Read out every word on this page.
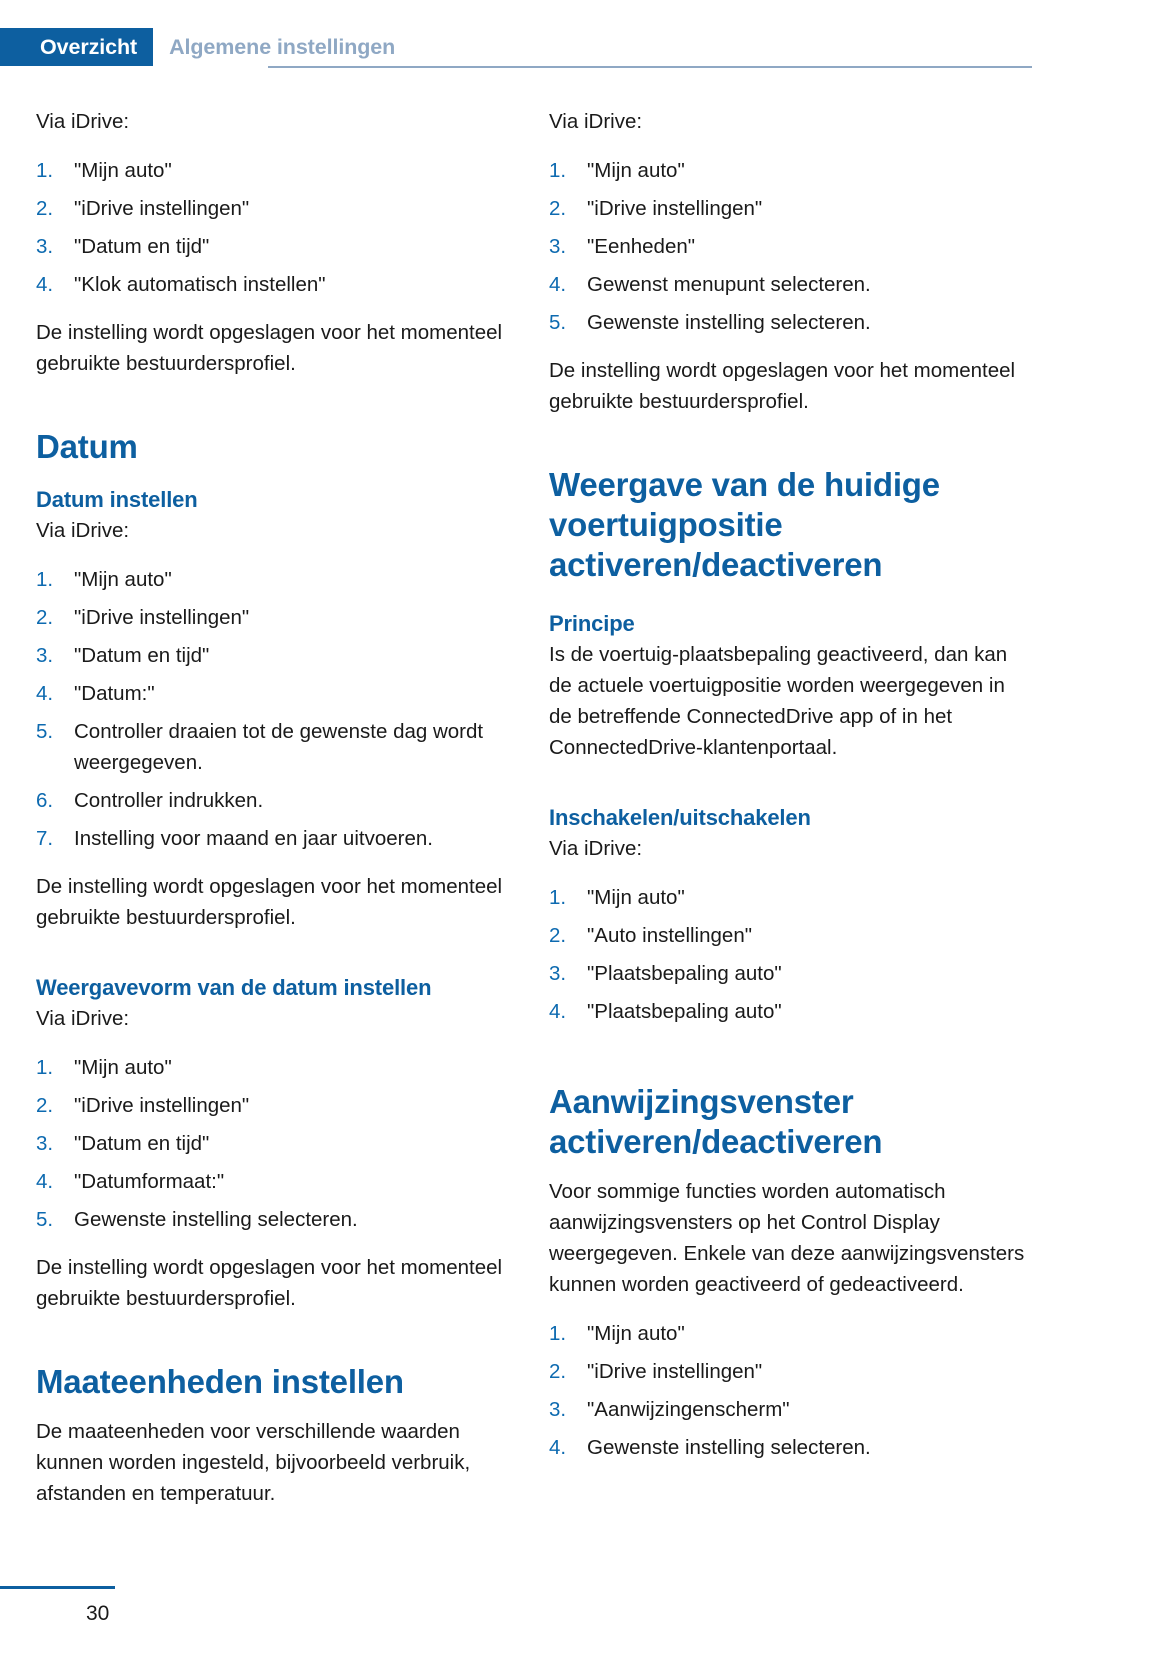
Overzicht	Algemene instellingen

Via iDrive:

1.	"Mijn auto"
2.	"iDrive instellingen"
3.	"Datum en tijd"
4.	"Klok automatisch instellen"

De instelling wordt opgeslagen voor het momenteel gebruikte bestuurdersprofiel.

Datum
Datum instellen

Via iDrive:

1.	"Mijn auto"
2.	"iDrive instellingen"
3.	"Datum en tijd"
4.	"Datum:"
5.	Controller draaien tot de gewenste dag wordt weergegeven.
6.	Controller indrukken.
7.	Instelling voor maand en jaar uitvoeren.

De instelling wordt opgeslagen voor het momenteel gebruikte bestuurdersprofiel.

Weergavevorm van de datum instellen

Via iDrive:

1.	"Mijn auto"
2.	"iDrive instellingen"
3.	"Datum en tijd"
4.	"Datumformaat:"
5.	Gewenste instelling selecteren.

De instelling wordt opgeslagen voor het momenteel gebruikte bestuurdersprofiel.

Maateenheden instellen

De maateenheden voor verschillende waarden kunnen worden ingesteld, bijvoorbeeld verbruik, afstanden en temperatuur.

Via iDrive:

1.	"Mijn auto"
2.	"iDrive instellingen"
3.	"Eenheden"
4.	Gewenst menupunt selecteren.
5.	Gewenste instelling selecteren.

De instelling wordt opgeslagen voor het momenteel gebruikte bestuurdersprofiel.

Weergave van de huidige voertuigpositie activeren/deactiveren
Principe

Is de voertuig-plaatsbepaling geactiveerd, dan kan de actuele voertuigpositie worden weergegeven in de betreffende ConnectedDrive app of in het ConnectedDrive-klantenportaal.

Inschakelen/uitschakelen

Via iDrive:

1.	"Mijn auto"
2.	"Auto instellingen"
3.	"Plaatsbepaling auto"
4.	"Plaatsbepaling auto"
Aanwijzingsvenster activeren/deactiveren

Voor sommige functies worden automatisch aanwijzingsvensters op het Control Display weergegeven. Enkele van deze aanwijzingsvensters kunnen worden geactiveerd of gedeactiveerd.

1.	"Mijn auto"
2.	"iDrive instellingen"
3.	"Aanwijzingenscherm"
4.	Gewenste instelling selecteren.
30
